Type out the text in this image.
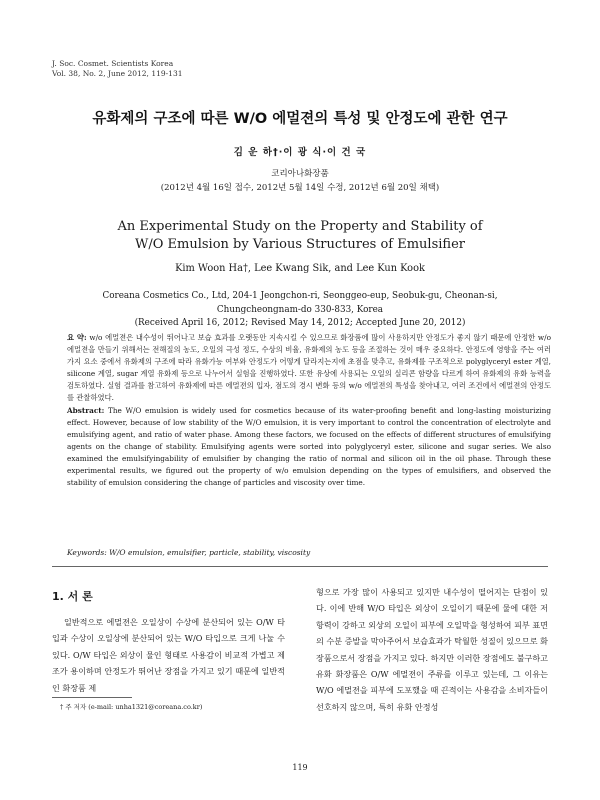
J. Soc. Cosmet. Scientists Korea
Vol. 38, No. 2, June 2012, 119-131
유화제의 구조에 따른 W/O 에멀젼의 특성 및 안정도에 관한 연구
김 운 하†·이 광 식·이 건 국
코리아나화장품
(2012년 4월 16일 접수, 2012년 5월 14일 수정, 2012년 6월 20일 채택)
An Experimental Study on the Property and Stability of
W/O Emulsion by Various Structures of Emulsifier
Kim Woon Ha†, Lee Kwang Sik, and Lee Kun Kook
Coreana Cosmetics Co., Ltd, 204-1 Jeongchon-ri, Seonggeo-eup, Seobuk-gu, Cheonan-si,
Chungcheongnam-do 330-833, Korea
(Received April 16, 2012; Revised May 14, 2012; Accepted June 20, 2012)
요 약: w/o 에멀젼은 내수성이 뛰어나고 보습 효과를 오랫동안 지속시킬 수 있으므로 화장품에 많이 사용하지만 안정도가 좋지 않기 때문에 안정한 w/o 에멀젼을 만들기 위해서는 전해질의 농도, 오일의 극성 정도, 수상의 비율, 유화제의 농도 등을 조절하는 것이 매우 중요하다. 안정도에 영향을 주는 여러 가지 요소 중에서 유화제의 구조에 따라 유화가능 여부와 안정도가 어떻게 달라지는지에 초점을 맞추고, 유화제를 구조적으로 polyglyceryl ester 계열, silicone 계열, sugar 계열 유화제 등으로 나누어서 실험을 진행하였다. 또한 유상에 사용되는 오일의 실리콘 함량을 다르게 하여 유화제의 유화 능력을 검토하였다. 실험 결과를 참고하여 유화제에 따른 에멀젼의 입자, 점도의 경시 변화 등의 w/o 에멀젼의 특성을 찾아내고, 여러 조건에서 에멀젼의 안정도를 관찰하였다.
Abstract: The W/O emulsion is widely used for cosmetics because of its water-proofing benefit and long-lasting moisturizing effect. However, because of low stability of the W/O emulsion, it is very important to control the concentration of electrolyte and emulsifying agent, and ratio of water phase. Among these factors, we focused on the effects of different structures of emulsifying agents on the change of stability. Emulsifying agents were sorted into polyglyceryl ester, silicone and sugar series. We also examined the emulsifyingability of emulsifier by changing the ratio of normal and silicon oil in the oil phase. Through these experimental results, we figured out the property of w/o emulsion depending on the types of emulsifiers, and observed the stability of emulsion considering the change of particles and viscosity over time.
Keywords: W/O emulsion, emulsifier, particle, stability, viscosity
1. 서 론
일반적으로 에멀젼은 오일상이 수상에 분산되어 있는 O/W 타입과 수상이 오일상에 분산되어 있는 W/O 타입으로 크게 나눌 수 있다. O/W 타입은 외상이 물인 형태로 사용감이 비교적 가볍고 제조가 용이하며 안정도가 뛰어난 장점을 가지고 있기 때문에 일반적인 화장품 제
형으로 가장 많이 사용되고 있지만 내수성이 떨어지는 단점이 있다. 이에 반해 W/O 타입은 외상이 오일이기 때문에 물에 대한 저항력이 강하고 외상의 오일이 피부에 오일막을 형성하여 피부 표면의 수분 증발을 막아주어서 보습효과가 탁월한 성질이 있으므로 화장품으로서 장점을 가지고 있다. 하지만 이러한 장점에도 불구하고 유화 화장품은 O/W 에멀젼이 주류를 이루고 있는데, 그 이유는 W/O 에멀젼을 피부에 도포했을 때 끈적이는 사용감을 소비자들이 선호하지 않으며, 특히 유화 안정성
† 주 저자 (e-mail: unha1321@coreana.co.kr)
119
